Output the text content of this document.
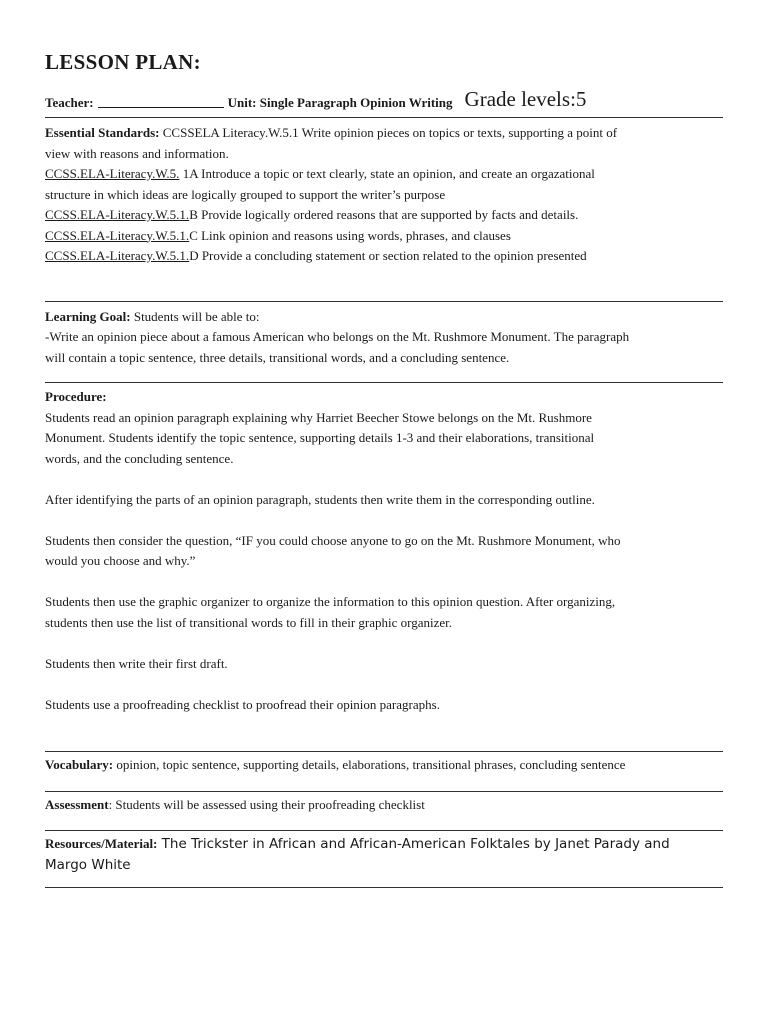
LESSON PLAN:
Teacher:	Unit: Single Paragraph Opinion Writing Grade levels:5

Essential Standards: CCSSELA Literacy.W.5.1 Write opinion pieces on topics or texts, supporting a point of

view with reasons and information.

CCSS.ELA-Literacy.W.5. 1A Introduce a topic or text clearly, state an opinion, and create an orgazational

structure in which ideas are logically grouped to support the writer’s purpose

CCSS.ELA-Literacy.W.5.1.B Provide logically ordered reasons that are supported by facts and details.

CCSS.ELA-Literacy.W.5.1.C Link opinion and reasons using words, phrases, and clauses

CCSS.ELA-Literacy.W.5.1.D Provide a concluding statement or section related to the opinion presented

Learning Goal: Students will be able to:

-Write an opinion piece about a famous American who belongs on the Mt. Rushmore Monument. The paragraph

will contain a topic sentence, three details, transitional words, and a concluding sentence.

Procedure:

Students read an opinion paragraph explaining why Harriet Beecher Stowe belongs on the Mt. Rushmore

Monument. Students identify the topic sentence, supporting details 1-3 and their elaborations, transitional

words, and the concluding sentence.

After identifying the parts of an opinion paragraph, students then write them in the corresponding outline.

Students then consider the question, “IF you could choose anyone to go on the Mt. Rushmore Monument, who

would you choose and why.”

Students then use the graphic organizer to organize the information to this opinion question. After organizing,

students then use the list of transitional words to fill in their graphic organizer.

Students then write their first draft.

Students use a proofreading checklist to proofread their opinion paragraphs.

Vocabulary: opinion, topic sentence, supporting details, elaborations, transitional phrases, concluding sentence

Assessment: Students will be assessed using their proofreading checklist

Resources/Material: The Trickster in African and African-American Folktales by Janet Parady and

Margo White
